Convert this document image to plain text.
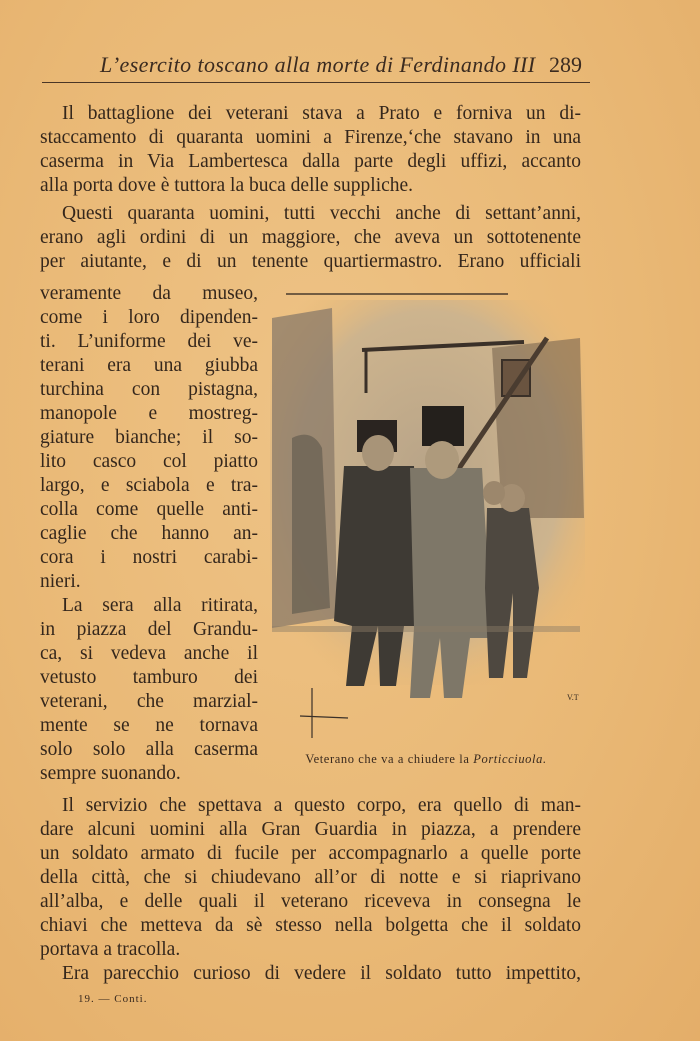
L’esercito toscano alla morte di Ferdinando III 289
Il battaglione dei veterani stava a Prato e forniva un di-
staccamento di quaranta uomini a Firenze,‘che stavano in una
caserma in Via Lambertesca dalla parte degli uffizi, accanto
alla porta dove è tuttora la buca delle suppliche.
Questi quaranta uomini, tutti vecchi anche di settant’anni,
erano agli ordini di un maggiore, che aveva un sottotenente
per aiutante, e di un tenente quartiermastro. Erano ufficiali
veramente da museo,
come i loro dipenden-
ti. L’uniforme dei ve-
terani era una giubba
turchina con pistagna,
manopole e mostreg-
giature bianche; il so-
lito casco col piatto
largo, e sciabola e tra-
colla come quelle anti-
caglie che hanno an-
cora i nostri carabi-
nieri.
La sera alla ritirata,
in piazza del Grandu-
ca, si vedeva anche il
vetusto tamburo dei
veterani, che marzial-
mente se ne tornava
solo solo alla caserma
sempre suonando.
V.T
Veterano che va a chiudere la Porticciuola.
Il servizio che spettava a questo corpo, era quello di man-
dare alcuni uomini alla Gran Guardia in piazza, a prendere
un soldato armato di fucile per accompagnarlo a quelle porte
della città, che si chiudevano all’or di notte e si riaprivano
all’alba, e delle quali il veterano riceveva in consegna le
chiavi che metteva da sè stesso nella bolgetta che il soldato
portava a tracolla.
Era parecchio curioso di vedere il soldato tutto impettito,
19. — Conti.
